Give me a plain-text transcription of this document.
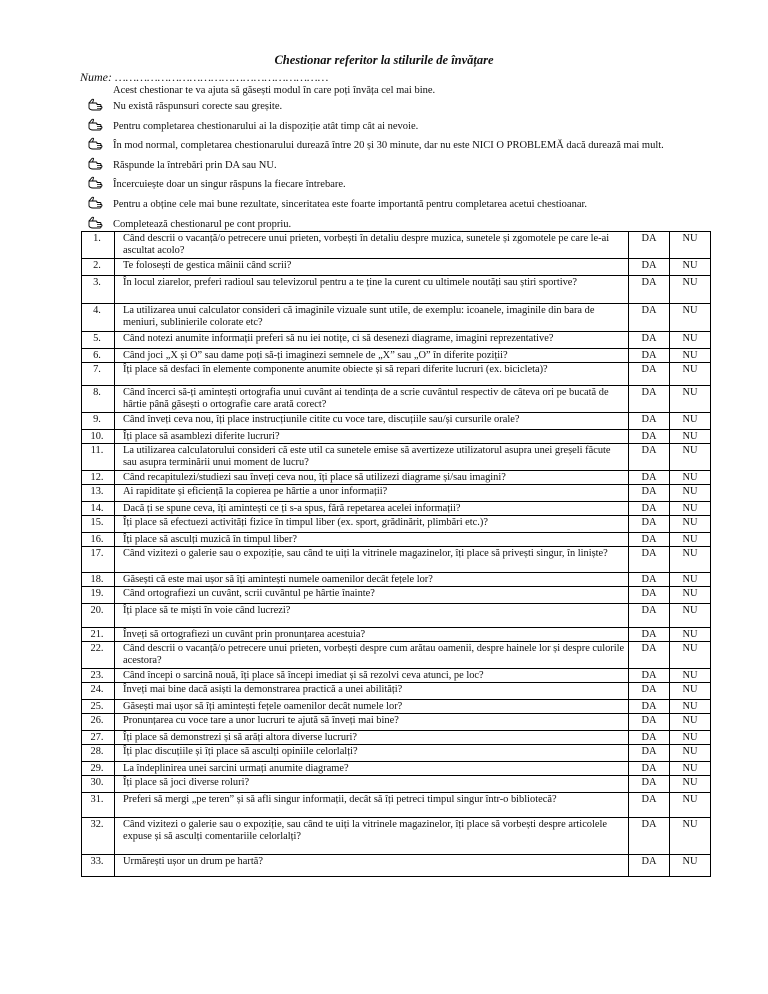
Chestionar referitor la stilurile de învățare
Nume: ……………………………………………………
Acest chestionar te va ajuta să găsești modul în care poți învăța cel mai bine.
Nu există răspunsuri corecte sau greșite.
Pentru completarea chestionarului ai la dispoziție atât timp cât ai nevoie.
În mod normal, completarea chestionarului durează între 20 și 30 minute, dar nu este NICI O PROBLEMĂ dacă durează mai mult.
Răspunde la întrebări prin DA sau NU.
Încercuiește doar un singur răspuns la fiecare întrebare.
Pentru a obține cele mai bune rezultate, sinceritatea este foarte importantă pentru completarea acetui chestioanar.
Completează chestionarul pe cont propriu.
1.	Când descrii o vacanță/o petrecere unui prieten, vorbești în detaliu despre muzica, sunetele și zgomotele pe care le-ai ascultat acolo?	DA	NU
2.	Te folosești de gestica mâinii când scrii?	DA	NU
3.	În locul ziarelor, preferi radioul sau televizorul pentru a te ține la curent cu ultimele noutăți sau știri sportive?	DA	NU
4.	La utilizarea unui calculator consideri că imaginile vizuale sunt utile, de exemplu: icoanele, imaginile din bara de meniuri, sublinierile colorate etc?	DA	NU
5.	Când notezi anumite informații preferi să nu iei notițe, ci să desenezi diagrame, imagini reprezentative?	DA	NU
6.	Când joci „X și O” sau dame poți să-ți imaginezi semnele de „X” sau „O” în diferite poziții?	DA	NU
7.	Îți place să desfaci în elemente componente anumite obiecte și să repari diferite lucruri (ex. bicicleta)?	DA	NU
8.	Când încerci să-ți amintești ortografia unui cuvânt ai tendința de a scrie cuvântul respectiv de câteva ori pe bucată de hârtie până găsești o ortografie care arată corect?	DA	NU
9.	Când înveți ceva nou, îți place instrucțiunile citite cu voce tare, discuțiile sau/și cursurile orale?	DA	NU
10.	Îți place să asamblezi diferite lucruri?	DA	NU
11.	La utilizarea calculatorului consideri că este util ca sunetele emise să avertizeze utilizatorul asupra unei greșeli făcute sau asupra terminării unui moment de lucru?	DA	NU
12.	Când recapitulezi/studiezi sau înveți ceva nou, îți place să utilizezi diagrame și/sau imagini?	DA	NU
13.	Ai rapiditate și eficiență la copierea pe hârtie a unor informații?	DA	NU
14.	Dacă ți se spune ceva, îți amintești ce ți s-a spus, fără repetarea acelei informații?	DA	NU
15.	Îți place să efectuezi activități fizice în timpul liber (ex. sport, grădinărit, plimbări etc.)?	DA	NU
16.	Îți place să asculți muzică în timpul liber?	DA	NU
17.	Când vizitezi o galerie sau o expoziție, sau când te uiți la vitrinele magazinelor, îți place să privești singur, în liniște?	DA	NU
18.	Găsești că este mai ușor să îți amintești numele oamenilor decât fețele lor?	DA	NU
19.	Când ortografiezi un cuvânt, scrii cuvântul pe hârtie înainte?	DA	NU
20.	Îți place să te miști în voie când lucrezi?	DA	NU
21.	Înveți să ortografiezi un cuvânt prin pronunțarea acestuia?	DA	NU
22.	Când descrii o vacanță/o petrecere unui prieten, vorbești despre cum arătau oamenii, despre hainele lor și despre culorile acestora?	DA	NU
23.	Când începi o sarcină nouă, îți place să începi imediat și să rezolvi ceva atunci, pe loc?	DA	NU
24.	Înveți mai bine dacă asiști la demonstrarea practică a unei abilități?	DA	NU
25.	Găsești mai ușor să îți amintești fețele oamenilor decât numele lor?	DA	NU
26.	Pronunțarea cu voce tare a unor lucruri te ajută să înveți mai bine?	DA	NU
27.	Îți place să demonstrezi și să arăți altora diverse lucruri?	DA	NU
28.	Îți plac discuțiile și îți place să asculți opiniile celorlalți?	DA	NU
29.	La îndeplinirea unei sarcini urmați anumite diagrame?	DA	NU
30.	Îți place să joci diverse roluri?	DA	NU
31.	Preferi să mergi „pe teren” și să afli singur informații, decât să îți petreci timpul singur într-o bibliotecă?	DA	NU
32.	Când vizitezi o galerie sau o expoziție, sau când te uiți la vitrinele magazinelor, îți place să vorbești despre articolele expuse și să asculți comentariile celorlalți?	DA	NU
33.	Urmărești ușor un drum pe hartă?	DA	NU
